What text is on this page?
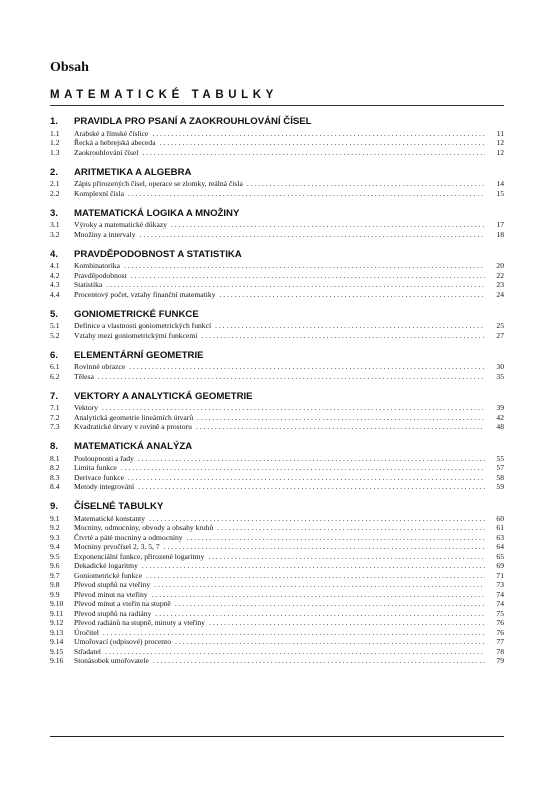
Obsah
MATEMATICKÉ TABULKY
1.	PRAVIDLA PRO PSANÍ A ZAOKROUHLOVÁNÍ ČÍSEL
1.1	Arabské a římské číslice . . .	11
1.2	Řecká a hebrejská abeceda . . .	12
1.3	Zaokrouhlování čísel . . .	12
2.	ARITMETIKA A ALGEBRA
2.1	Zápis přirozených čísel, operace se zlomky, reálná čísla . . .	14
2.2	Komplexní čísla . . .	15
3.	MATEMATICKÁ LOGIKA A MNOŽINY
3.1	Výroky a matematické důkazy . . .	17
3.2	Množiny a intervaly . . .	18
4.	PRAVDĚPODOBNOST A STATISTIKA
4.1	Kombinatorika . . .	20
4.2	Pravděpodobnost . . .	22
4.3	Statistika . . .	23
4.4	Procentový počet, vztahy finanční matematiky . . .	24
5.	GONIOMETRICKÉ FUNKCE
5.1	Definice a vlastnosti goniometrických funkcí . . .	25
5.2	Vztahy mezi goniometrickými funkcemi . . .	27
6.	ELEMENTÁRNÍ GEOMETRIE
6.1	Rovinné obrazce . . .	30
6.2	Tělesa . . .	35
7.	VEKTORY A ANALYTICKÁ GEOMETRIE
7.1	Vektory . . .	39
7.2	Analytická geometrie lineárních útvarů . . .	42
7.3	Kvadratické útvary v rovině a prostoru . . .	48
8.	MATEMATICKÁ ANALÝZA
8.1	Posloupnosti a řady . . .	55
8.2	Limita funkce . . .	57
8.3	Derivace funkce . . .	58
8.4	Metody integrování . . .	59
9.	ČÍSELNÉ TABULKY
9.1	Matematické konstanty . . .	60
9.2	Mocniny, odmocniny, obvody a obsahy kruhů . . .	61
9.3	Čtvrté a páté mocniny a odmocniny . . .	63
9.4	Mocniny prvočísel 2, 3, 5, 7 . . .	64
9.5	Exponenciální funkce, přirozené logaritmy . . .	65
9.6	Dekadické logaritmy . . .	69
9.7	Goniometrické funkce . . .	71
9.8	Převod stupňů na vteřiny . . .	73
9.9	Převod minut na vteřiny . . .	74
9.10	Převod minut a vteřin na stupně . . .	74
9.11	Převod stupňů na radiány . . .	75
9.12	Převod radiánů na stupně, minuty a vteřiny . . .	76
9.13	Úročitel . . .	76
9.14	Umořovací (odpisové) procento . . .	77
9.15	Střadatel . . .	78
9.16	Stonásobek umořovatele . . .	79
